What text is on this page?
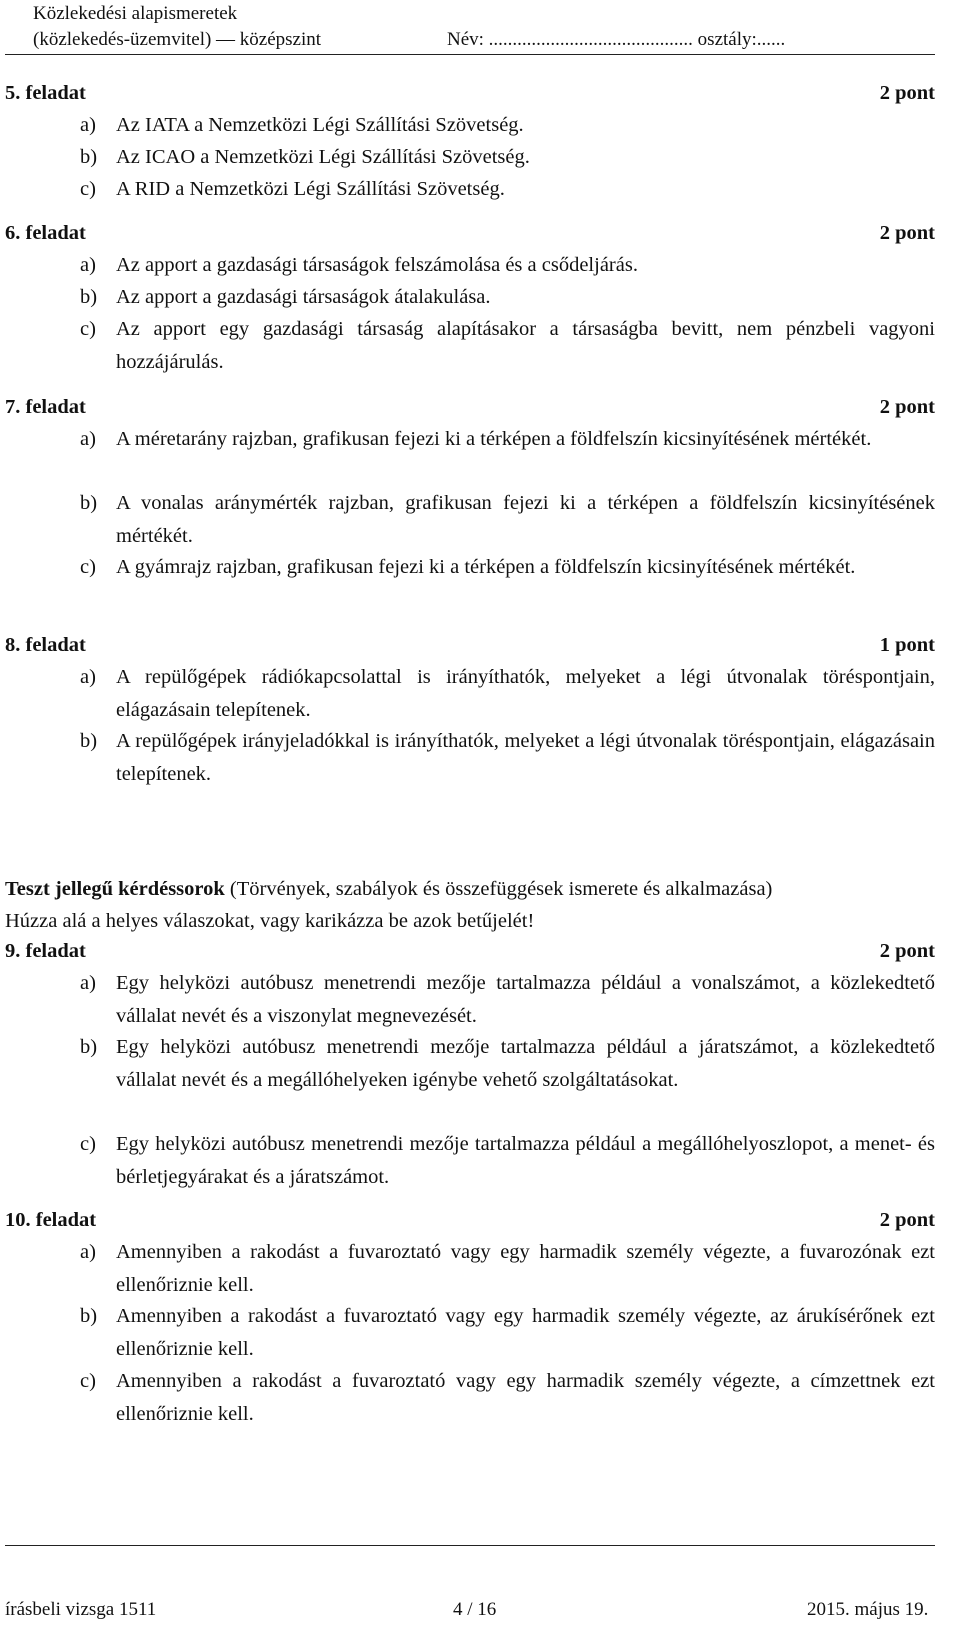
Közlekedési alapismeretek
(közlekedés-üzemvitel) — középszint	Név: ........................................... osztály:......
5. feladat	2 pont
a) Az IATA a Nemzetközi Légi Szállítási Szövetség.
b) Az ICAO a Nemzetközi Légi Szállítási Szövetség.
c) A RID a Nemzetközi Légi Szállítási Szövetség.
6. feladat	2 pont
a) Az apport a gazdasági társaságok felszámolása és a csődeljárás.
b) Az apport a gazdasági társaságok átalakulása.
c) Az apport egy gazdasági társaság alapításakor a társaságba bevitt, nem pénzbeli vagyoni hozzájárulás.
7. feladat	2 pont
a) A méretarány rajzban, grafikusan fejezi ki a térképen a földfelszín kicsinyítésének mértékét.
b) A vonalas aránymérték rajzban, grafikusan fejezi ki a térképen a földfelszín kicsinyítésének mértékét.
c) A gyámrajz rajzban, grafikusan fejezi ki a térképen a földfelszín kicsinyítésének mértékét.
8. feladat	1 pont
a) A repülőgépek rádiókapcsolattal is irányíthatók, melyeket a légi útvonalak töréspontjain, elágazásain telepítenek.
b) A repülőgépek irányjeladókkal is irányíthatók, melyeket a légi útvonalak töréspontjain, elágazásain telepítenek.
Teszt jellegű kérdéssorok (Törvények, szabályok és összefüggések ismerete és alkalmazása)
Húzza alá a helyes válaszokat, vagy karikázza be azok betűjelét!
9. feladat	2 pont
a) Egy helyközi autóbusz menetrendi mezője tartalmazza például a vonalszámot, a közlekedtető vállalat nevét és a viszonylat megnevezését.
b) Egy helyközi autóbusz menetrendi mezője tartalmazza például a járatszámot, a közlekedtető vállalat nevét és a megállóhelyeken igénybe vehető szolgáltatásokat.
c) Egy helyközi autóbusz menetrendi mezője tartalmazza például a megállóhelyoszlopot, a menet- és bérletjegyárakat és a járatszámot.
10. feladat	2 pont
a) Amennyiben a rakodást a fuvaroztató vagy egy harmadik személy végezte, a fuvarozónak ezt ellenőriznie kell.
b) Amennyiben a rakodást a fuvaroztató vagy egy harmadik személy végezte, az árukísérőnek ezt ellenőriznie kell.
c) Amennyiben a rakodást a fuvaroztató vagy egy harmadik személy végezte, a címzettnek ezt ellenőriznie kell.
írásbeli vizsga 1511	4 / 16	2015. május 19.
